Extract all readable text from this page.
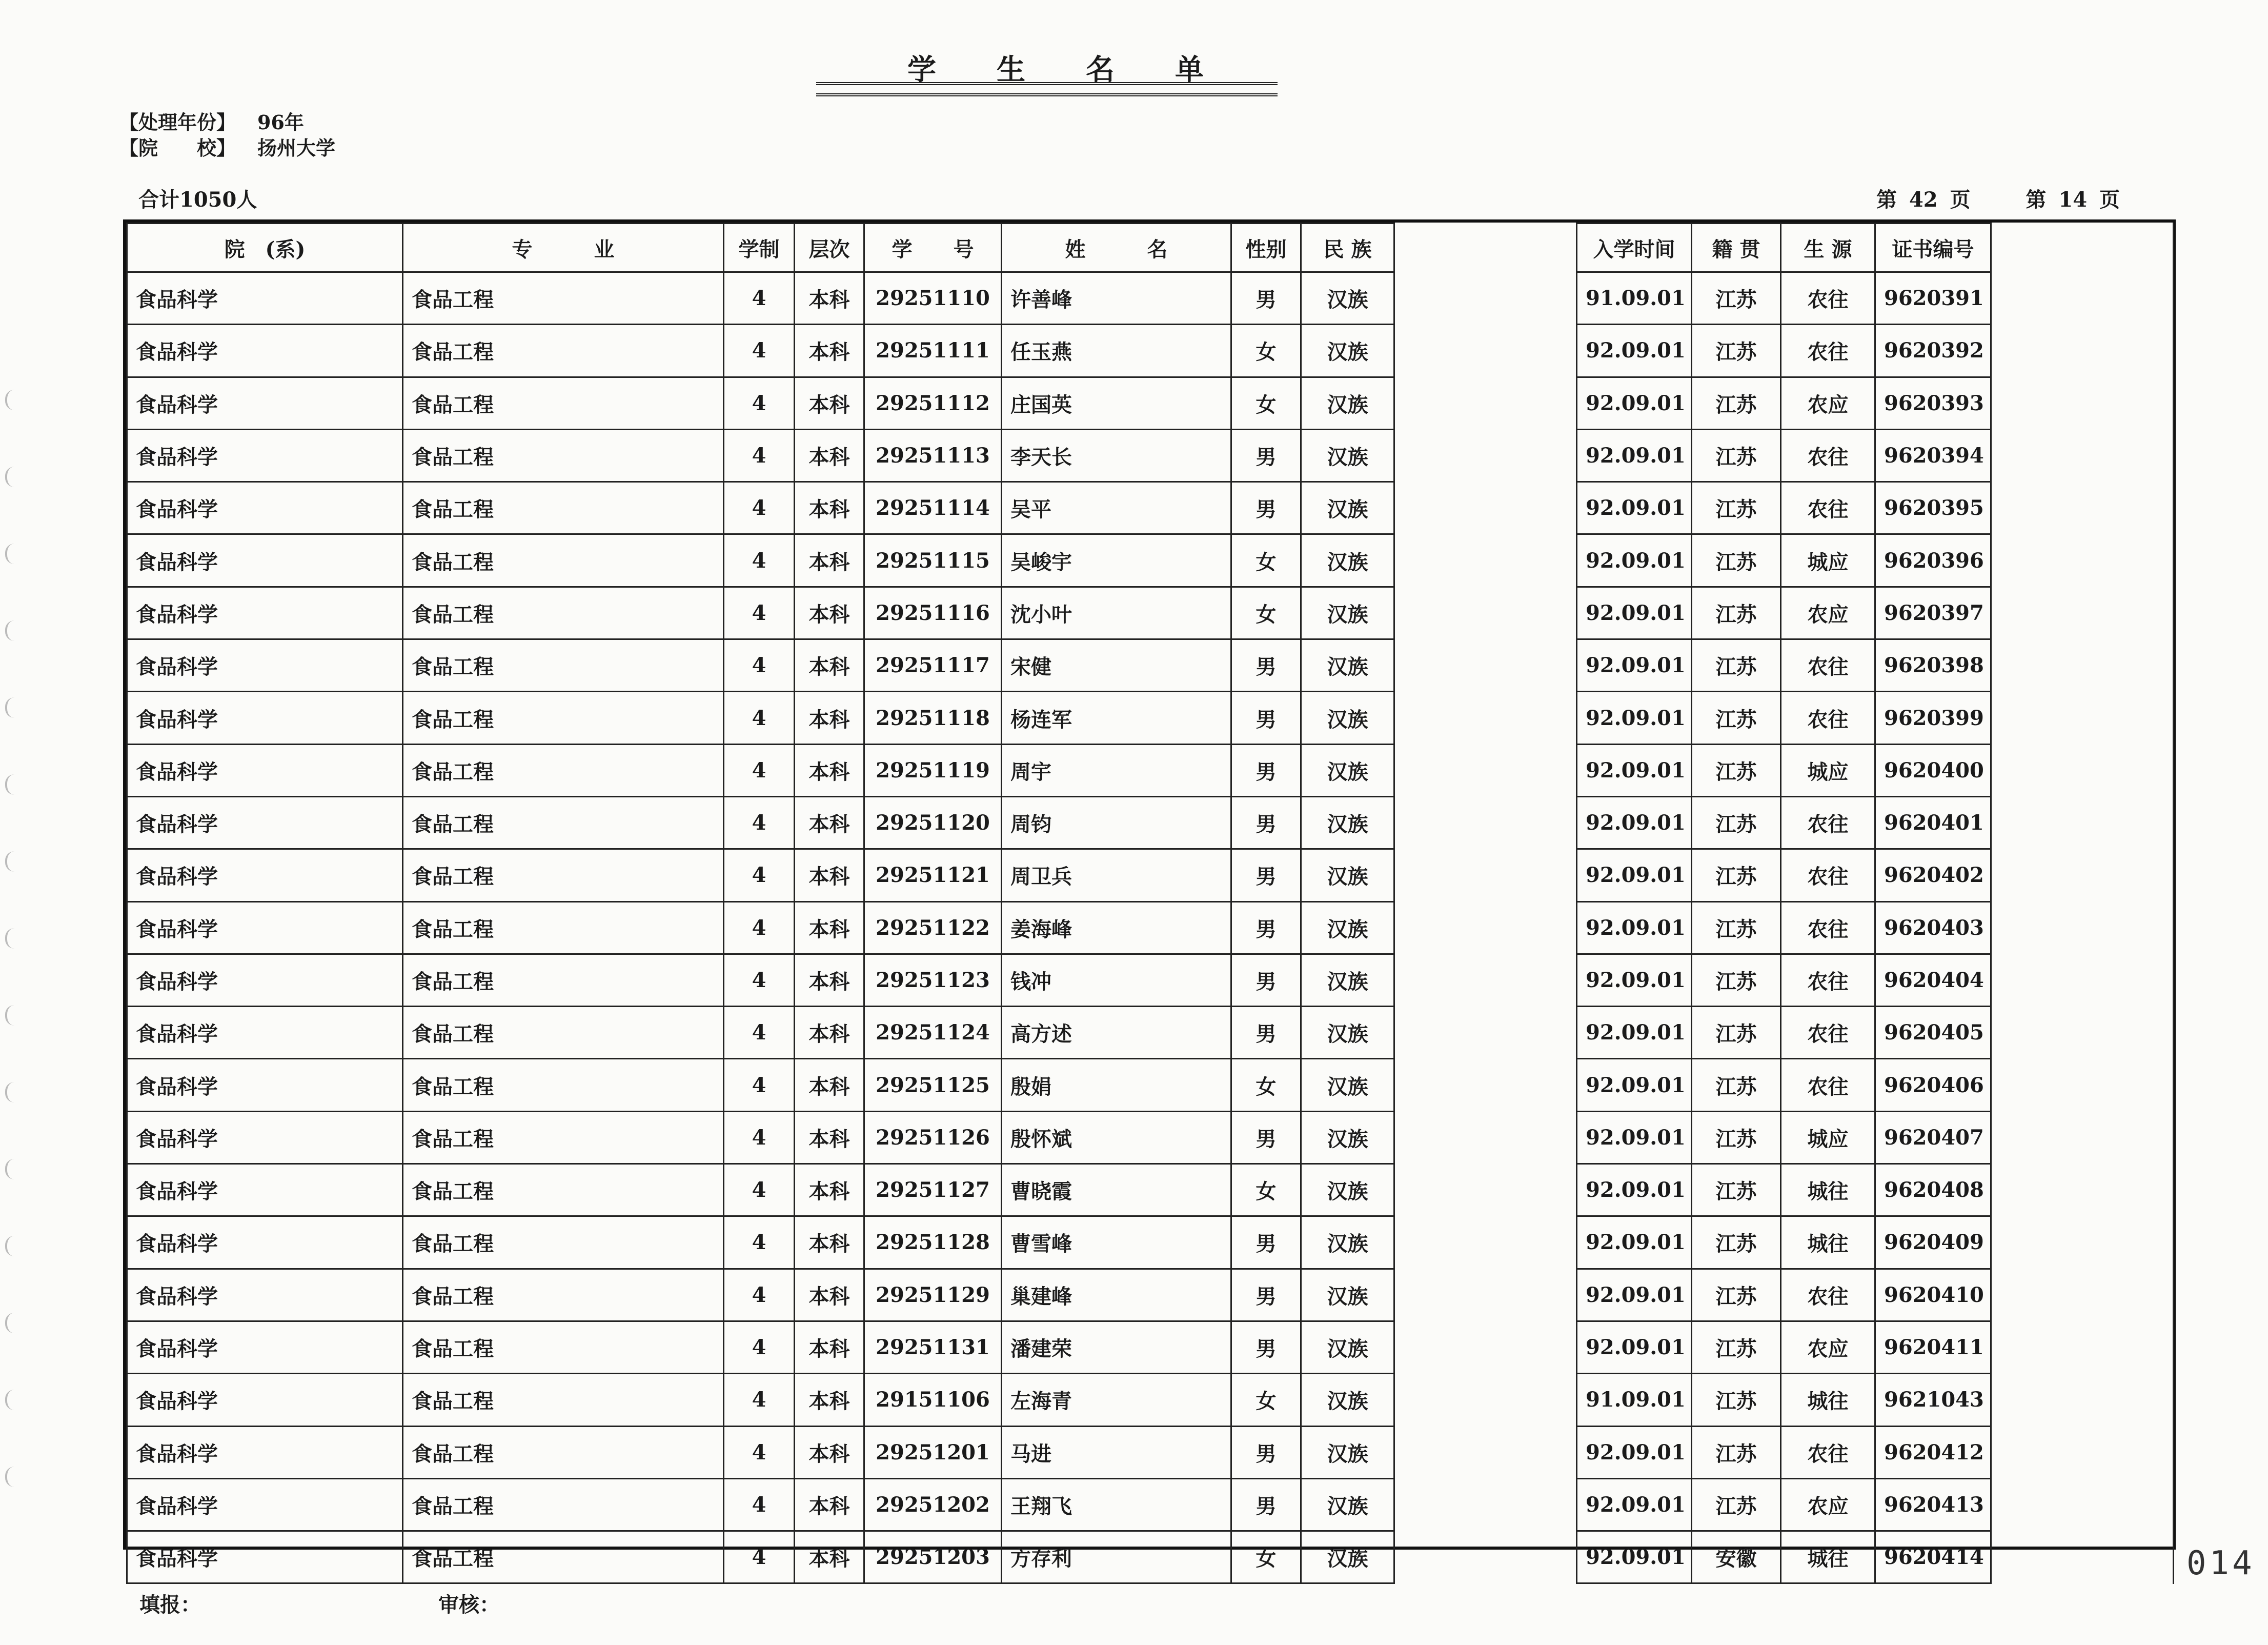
学生名单
【处理年份】 96年
【院　　校】 扬州大学
合计1050人	第 42 页	第 14 页
院　(系)	专　　　业	学制	层次	学　　号	姓　　　名	性别	民 族		入学时间	籍 贯	生 源	证书编号	
食品科学	食品工程	4	本科	29251110	许善峰	男	汉族		91.09.01	江苏	农往	9620391	
食品科学	食品工程	4	本科	29251111	任玉燕	女	汉族		92.09.01	江苏	农往	9620392	
食品科学	食品工程	4	本科	29251112	庄国英	女	汉族		92.09.01	江苏	农应	9620393	
食品科学	食品工程	4	本科	29251113	李天长	男	汉族		92.09.01	江苏	农往	9620394	
食品科学	食品工程	4	本科	29251114	吴平	男	汉族		92.09.01	江苏	农往	9620395	
食品科学	食品工程	4	本科	29251115	吴峻宇	女	汉族		92.09.01	江苏	城应	9620396	
食品科学	食品工程	4	本科	29251116	沈小叶	女	汉族		92.09.01	江苏	农应	9620397	
食品科学	食品工程	4	本科	29251117	宋健	男	汉族		92.09.01	江苏	农往	9620398	
食品科学	食品工程	4	本科	29251118	杨连军	男	汉族		92.09.01	江苏	农往	9620399	
食品科学	食品工程	4	本科	29251119	周宇	男	汉族		92.09.01	江苏	城应	9620400	
食品科学	食品工程	4	本科	29251120	周钧	男	汉族		92.09.01	江苏	农往	9620401	
食品科学	食品工程	4	本科	29251121	周卫兵	男	汉族		92.09.01	江苏	农往	9620402	
食品科学	食品工程	4	本科	29251122	姜海峰	男	汉族		92.09.01	江苏	农往	9620403	
食品科学	食品工程	4	本科	29251123	钱冲	男	汉族		92.09.01	江苏	农往	9620404	
食品科学	食品工程	4	本科	29251124	高方述	男	汉族		92.09.01	江苏	农往	9620405	
食品科学	食品工程	4	本科	29251125	殷娟	女	汉族		92.09.01	江苏	农往	9620406	
食品科学	食品工程	4	本科	29251126	殷怀斌	男	汉族		92.09.01	江苏	城应	9620407	
食品科学	食品工程	4	本科	29251127	曹晓霞	女	汉族		92.09.01	江苏	城往	9620408	
食品科学	食品工程	4	本科	29251128	曹雪峰	男	汉族		92.09.01	江苏	城往	9620409	
食品科学	食品工程	4	本科	29251129	巢建峰	男	汉族		92.09.01	江苏	农往	9620410	
食品科学	食品工程	4	本科	29251131	潘建荣	男	汉族		92.09.01	江苏	农应	9620411	
食品科学	食品工程	4	本科	29151106	左海青	女	汉族		91.09.01	江苏	城往	9621043	
食品科学	食品工程	4	本科	29251201	马进	男	汉族		92.09.01	江苏	农往	9620412	
食品科学	食品工程	4	本科	29251202	王翔飞	男	汉族		92.09.01	江苏	农应	9620413	
食品科学	食品工程	4	本科	29251203	方存利	女	汉族		92.09.01	安徽	城往	9620414	
填报：	审核：
014
